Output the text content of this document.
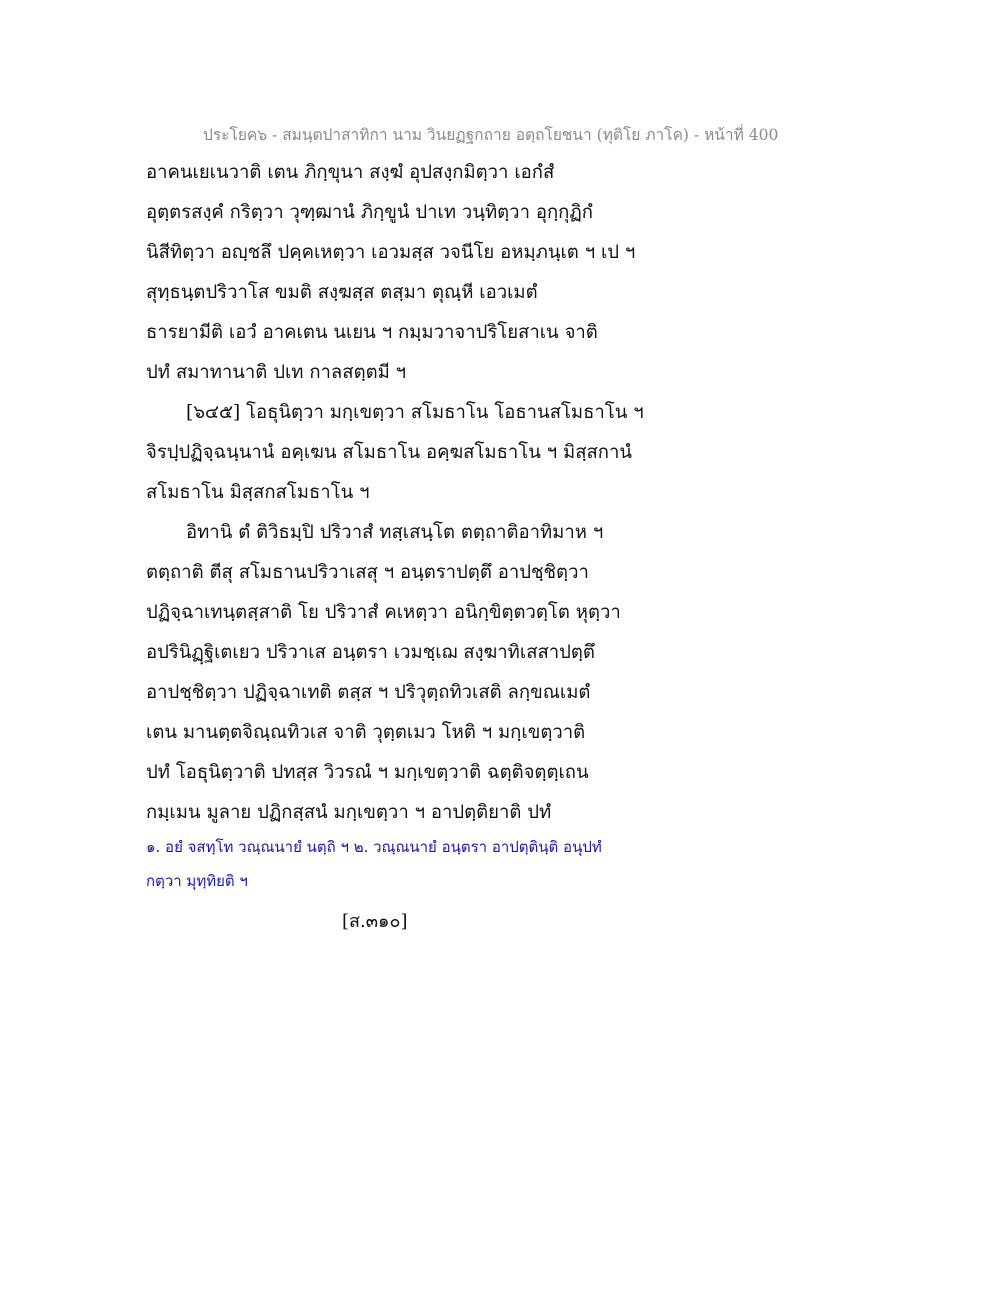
ประโยค๖ - สมนฺตปาสาทิกา นาม วินยฏฐกถาย อตฺถโยชนา (ทุติโย ภาโค) - หน้าที่ 400
อาคนเยเนวาติ เตน ภิกฺขุนา สงฺฆํ อุปสงฺกมิตฺวา เอกํสํ
อุตฺตรสงฺคํ กริตฺวา วุฑฺฒานํ ภิกฺขูนํ ปาเท วนฺทิตฺวา อุกฺกุฏิกํ
นิสีทิตฺวา อญฺชลึ ปคฺคเหตฺวา เอวมสฺส วจนีโย อหมฺภนฺเต ฯ เป ฯ
สุทฺธนฺตปริวาโส ขมติ สงฺฆสฺส ตสฺมา ตุณฺหี เอวเมตํ
ธารยามีติ เอวํ อาคเตน นเยน ฯ กมฺมวาจาปริโยสาเน จาติ
ปทํ สมาทานาติ ปเท กาลสตฺตมี ฯ
[๖๔๕] โอธุนิตฺวา มกฺเขตฺวา สโมธาโน โอธานสโมธาโน ฯ
จิรปฺปฏิจฺฉนฺนานํ อคฺเฆน สโมธาโน อคฺฆสโมธาโน ฯ มิสฺสกานํ
สโมธาโน มิสฺสกสโมธาโน ฯ
อิทานิ ตํ ติวิธมฺปิ ปริวาสํ ทสฺเสนฺโต ตตฺถาติอาทิมาห ฯ
ตตฺถาติ ตีสุ สโมธานปริวาเสสุ ฯ อนฺตราปตฺตึ อาปชฺชิตฺวา
ปฏิจฺฉาเทนฺตสฺสาติ โย ปริวาสํ คเหตฺวา อนิกฺขิตฺตวตฺโต หุตฺวา
อปรินิฏฺฐิเตเยว ปริวาเส อนฺตรา เวมชฺเฌ สงฺฆาทิเสสาปตฺตึ
อาปชฺชิตฺวา ปฏิจฺฉาเทติ ตสฺส ฯ ปริวุตฺถทิวเสติ ลกฺขณเมตํ
เตน มานตฺตจิณฺณทิวเส จาติ วุตฺตเมว โหติ ฯ มกฺเขตฺวาติ
ปทํ โอธุนิตฺวาติ ปทสฺส วิวรณํ ฯ มกฺเขตฺวาติ ฉตฺติจตฺตฺเถน
กมฺเมน มูลาย ปฏิกสฺสนํ มกฺเขตฺวา ฯ อาปตฺติยาติ ปทํ
๑. อยํ จสทฺโท วณฺณนายํ นตฺถิ ฯ ๒. วณฺณนายํ อนฺตรา อาปตฺตินฺติ อนุปทํ
กตฺวา มุทฺทิยติ ฯ
[ส.๓๑๐]
